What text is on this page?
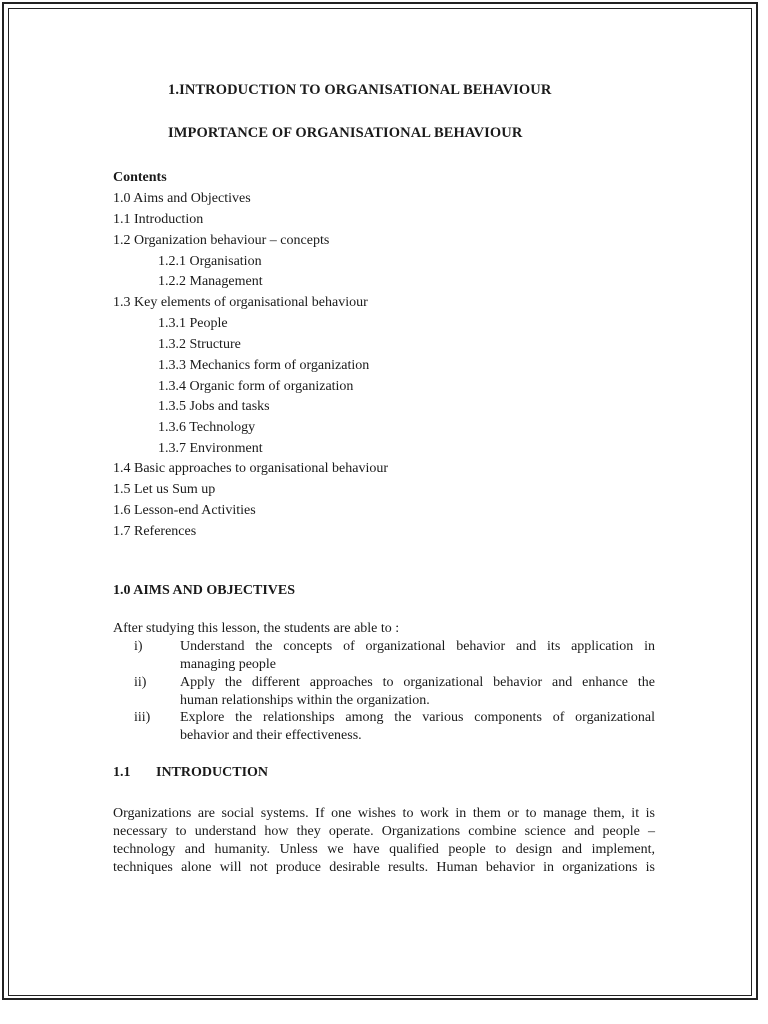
1.INTRODUCTION TO ORGANISATIONAL BEHAVIOUR
IMPORTANCE OF ORGANISATIONAL BEHAVIOUR
Contents
1.0 Aims and Objectives
1.1 Introduction
1.2 Organization behaviour – concepts
1.2.1 Organisation
1.2.2 Management
1.3 Key elements of organisational behaviour
1.3.1 People
1.3.2 Structure
1.3.3 Mechanics form of organization
1.3.4 Organic form of organization
1.3.5 Jobs and tasks
1.3.6 Technology
1.3.7 Environment
1.4 Basic approaches to organisational behaviour
1.5 Let us Sum up
1.6 Lesson-end Activities
1.7 References
1.0 AIMS AND OBJECTIVES
After studying this lesson, the students are able to :
i)	Understand the concepts of organizational behavior and its application in
managing people
ii) Apply the different approaches to organizational behavior and enhance the
human relationships within the organization.
iii) Explore the relationships among the various components of organizational
behavior and their effectiveness.
1.1 INTRODUCTION
Organizations are social systems. If one wishes to work in them or to manage them, it is
necessary to understand how they operate. Organizations combine science and people –
technology and humanity. Unless we have qualified people to design and implement,
techniques alone will not produce desirable results. Human behavior in organizations is
